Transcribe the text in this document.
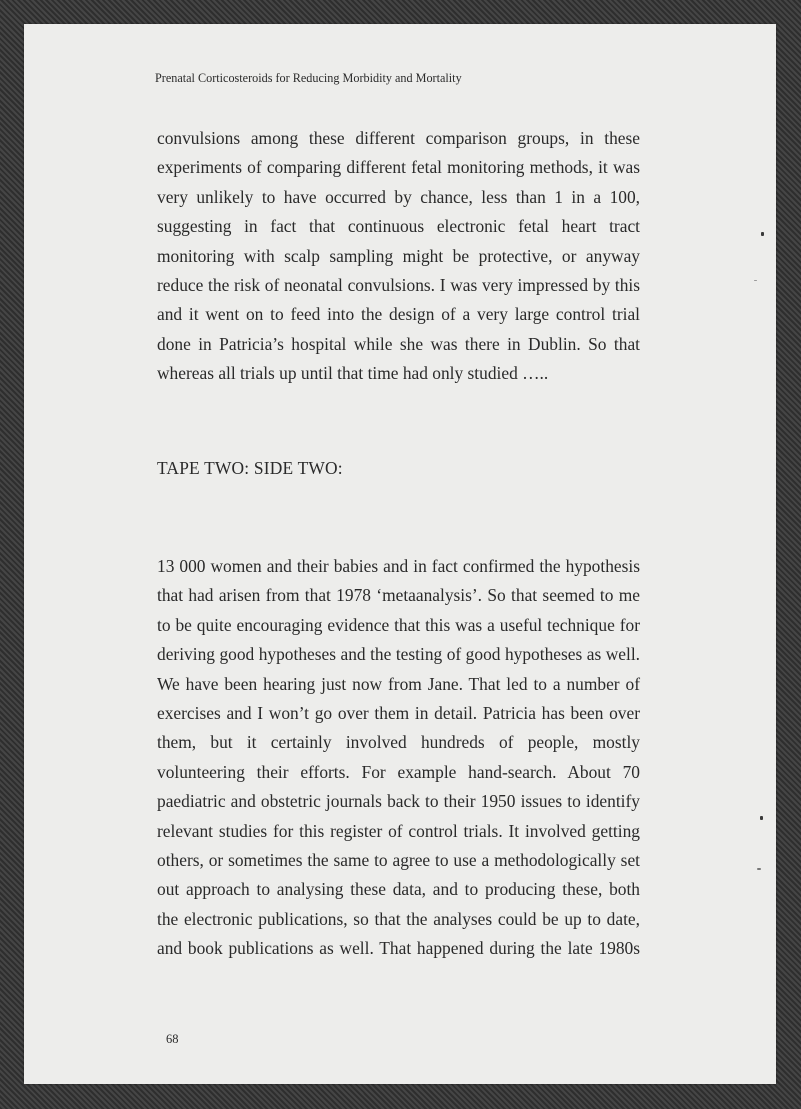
Prenatal Corticosteroids for Reducing Morbidity and Mortality
convulsions among these different comparison groups, in these
experiments of comparing different fetal monitoring methods, it was
very unlikely to have occurred by chance, less than 1 in a 100,
suggesting in fact that continuous electronic fetal heart tract
monitoring with scalp sampling might be protective, or anyway
reduce the risk of neonatal convulsions. I was very impressed by this
and it went on to feed into the design of a very large control trial
done in Patricia’s hospital while she was there in Dublin. So that
whereas all trials up until that time had only studied …..
TAPE TWO: SIDE TWO:
13 000 women and their babies and in fact confirmed the hypothesis
that had arisen from that 1978 ‘metaanalysis’. So that seemed to me
to be quite encouraging evidence that this was a useful technique for
deriving good hypotheses and the testing of good hypotheses as well.
We have been hearing just now from Jane. That led to a number of
exercises and I won’t go over them in detail. Patricia has been over
them, but it certainly involved hundreds of people, mostly
volunteering their efforts. For example hand-search. About 70
paediatric and obstetric journals back to their 1950 issues to identify
relevant studies for this register of control trials. It involved getting
others, or sometimes the same to agree to use a methodologically set
out approach to analysing these data, and to producing these, both
the electronic publications, so that the analyses could be up to date,
and book publications as well. That happened during the late 1980s
68
